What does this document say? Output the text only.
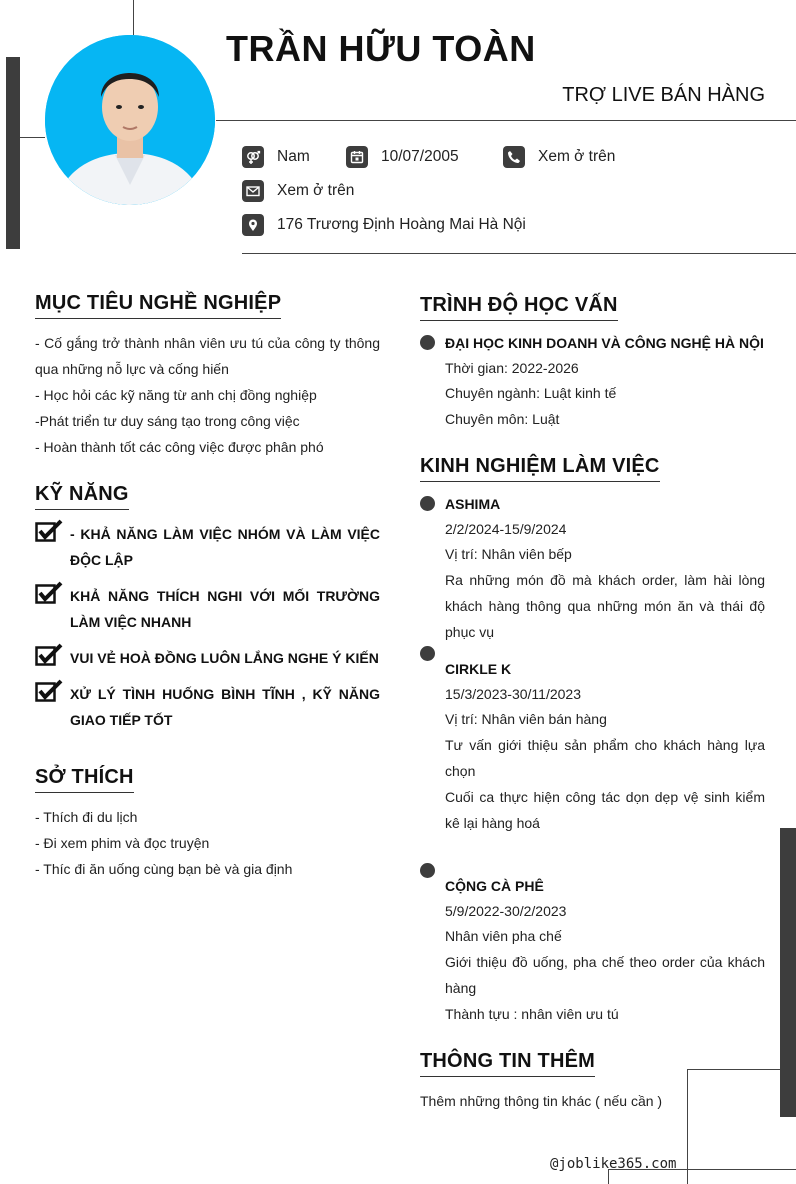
TRẦN HỮU TOÀN
TRỢ LIVE BÁN HÀNG
Nam	10/07/2005	Xem ở trên
Xem ở trên
176 Trương Định Hoàng Mai Hà Nội
MỤC TIÊU NGHỀ NGHIỆP
- Cố gắng trở thành nhân viên ưu tú của công ty thông qua những nỗ lực và cống hiến
- Học hỏi các kỹ năng từ anh chị đồng nghiệp
-Phát triển tư duy sáng tạo trong công việc
- Hoàn thành tốt các công việc được phân phó
KỸ NĂNG
- KHẢ NĂNG LÀM VIỆC NHÓM VÀ LÀM VIỆC ĐỘC LẬP
KHẢ NĂNG THÍCH NGHI VỚI MỐI TRƯỜNG LÀM VIỆC NHANH
VUI VẺ HOÀ ĐỒNG LUÔN LẮNG NGHE Ý KIẾN
XỬ LÝ TÌNH HUỐNG BÌNH TĨNH , KỸ NĂNG GIAO TIẾP TỐT
SỞ THÍCH
- Thích đi du lịch
- Đi xem phim và đọc truyện
- Thíc đi ăn uống cùng bạn bè và gia định
TRÌNH ĐỘ HỌC VẤN
ĐẠI HỌC KINH DOANH VÀ CÔNG NGHỆ HÀ NỘI
Thời gian: 2022-2026
Chuyên ngành: Luật kinh tế
Chuyên môn: Luật
KINH NGHIỆM LÀM VIỆC
ASHIMA
2/2/2024-15/9/2024
Vị trí: Nhân viên bếp
Ra những món đồ mà khách order, làm hài lòng khách hàng thông qua những món ăn và thái độ phục vụ
CIRKLE K
15/3/2023-30/11/2023
Vị trí: Nhân viên bán hàng
Tư vấn giới thiệu sản phẩm cho khách hàng lựa chọn
Cuối ca thực hiện công tác dọn dẹp vệ sinh kiểm kê lại hàng hoá
CỘNG CÀ PHÊ
5/9/2022-30/2/2023
Nhân viên pha chế
Giới thiệu đồ uống, pha chế theo order của khách hàng
Thành tựu : nhân viên ưu tú
THÔNG TIN THÊM
Thêm những thông tin khác ( nếu cần )
@joblike365.com
